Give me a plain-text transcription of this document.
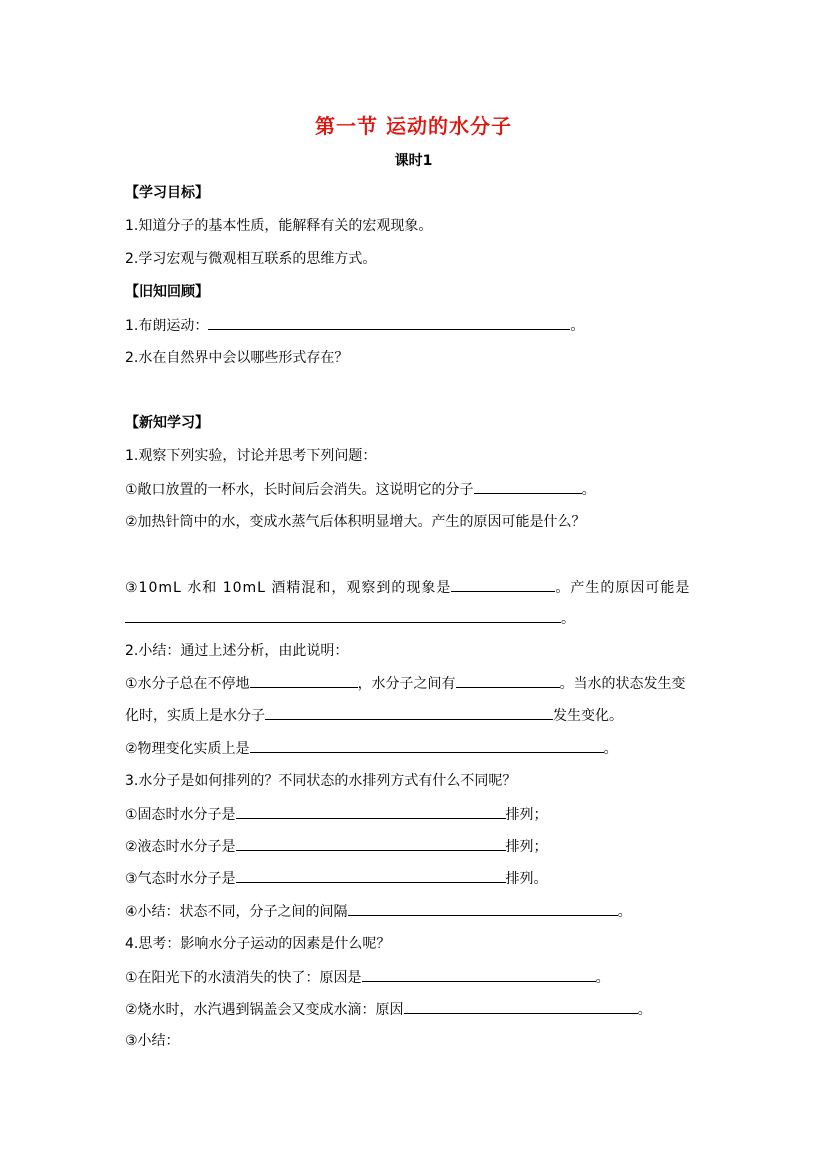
第一节 运动的水分子
课时1
【学习目标】
1.知道分子的基本性质，能解释有关的宏观现象。
2.学习宏观与微观相互联系的思维方式。
【旧知回顾】
1.布朗运动：	。
2.水在自然界中会以哪些形式存在？
【新知学习】
1.观察下列实验，讨论并思考下列问题：
①敞口放置的一杯水，长时间后会消失。这说明它的分子	。
②加热针筒中的水，变成水蒸气后体积明显增大。产生的原因可能是什么？
③10mL 水和 10mL 酒精混和，观察到的现象是	。产生的原因可能是
。
2.小结：通过上述分析，由此说明：
①水分子总在不停地	，水分子之间有	。当水的状态发生变
化时，实质上是水分子	发生变化。
②物理变化实质上是	。
3.水分子是如何排列的？不同状态的水排列方式有什么不同呢？
①固态时水分子是	排列；
②液态时水分子是	排列；
③气态时水分子是	排列。
④小结：状态不同，分子之间的间隔	。
4.思考：影响水分子运动的因素是什么呢？
①在阳光下的水渍消失的快了：原因是	。
②烧水时，水汽遇到锅盖会又变成水滴：原因	。
③小结：
